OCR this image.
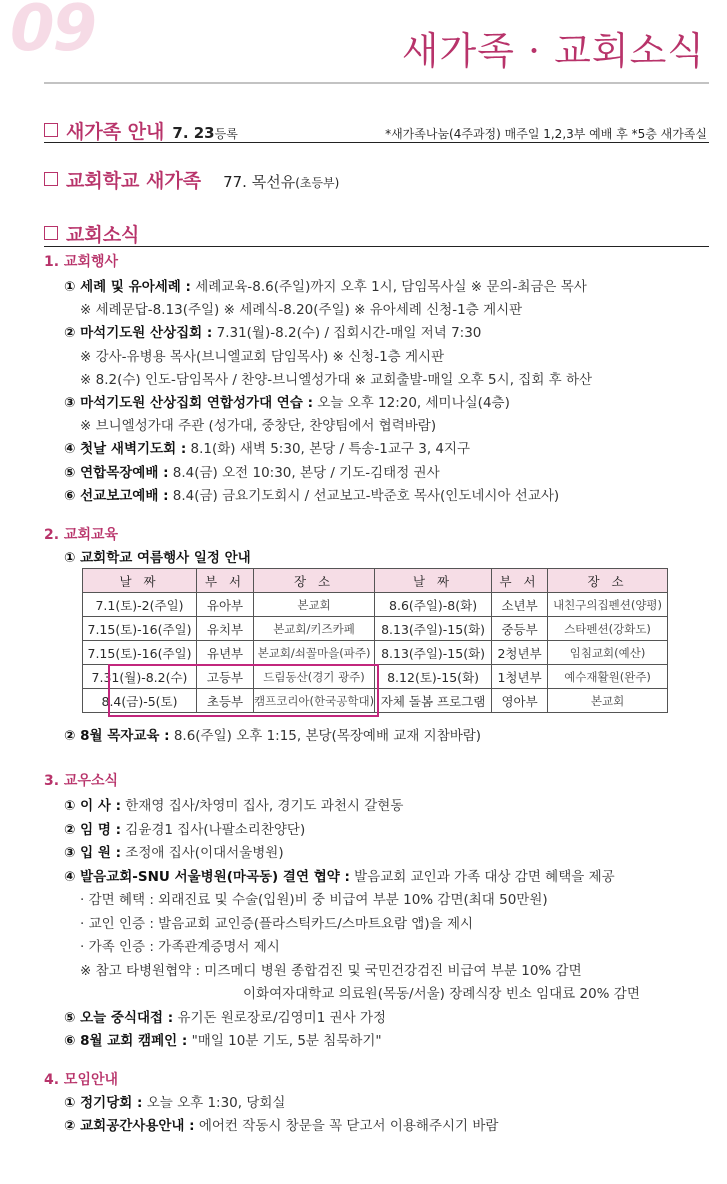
09	새가족 · 교회소식
새가족 안내 7. 23등록	*새가족나눔(4주과정) 매주일 1,2,3부 예배 후 *5층 새가족실
교회학교 새가족 77. 목선유(초등부)
교회소식
1. 교회행사
① 세례 및 유아세례 : 세례교육-8.6(주일)까지 오후 1시, 담임목사실 ※ 문의-최금은 목사
※ 세례문답-8.13(주일) ※ 세례식-8.20(주일) ※ 유아세례 신청-1층 게시판
② 마석기도원 산상집회 : 7.31(월)-8.2(수) / 집회시간-매일 저녁 7:30
※ 강사-유병용 목사(브니엘교회 담임목사) ※ 신청-1층 게시판
※ 8.2(수) 인도-담임목사 / 찬양-브니엘성가대 ※ 교회출발-매일 오후 5시, 집회 후 하산
③ 마석기도원 산상집회 연합성가대 연습 : 오늘 오후 12:20, 세미나실(4층)
※ 브니엘성가대 주관 (성가대, 중창단, 찬양팀에서 협력바람)
④ 첫날 새벽기도회 : 8.1(화) 새벽 5:30, 본당 / 특송-1교구 3, 4지구
⑤ 연합목장예배 : 8.4(금) 오전 10:30, 본당 / 기도-김태정 권사
⑥ 선교보고예배 : 8.4(금) 금요기도회시 / 선교보고-박준호 목사(인도네시아 선교사)
2. 교회교육
① 교회학교 여름행사 일정 안내
날 짜	부 서	장 소	날 짜	부 서	장 소
7.1(토)-2(주일)	유아부	본교회	8.6(주일)-8(화)	소년부	내친구의집펜션(양평)
7.15(토)-16(주일)	유치부	본교회/키즈카페	8.13(주일)-15(화)	중등부	스타펜션(강화도)
7.15(토)-16(주일)	유년부	본교회/쇠꼴마을(파주)	8.13(주일)-15(화)	2청년부	임침교회(예산)
7.31(월)-8.2(수)	고등부	드림동산(경기 광주)	8.12(토)-15(화)	1청년부	예수재활원(완주)
8.4(금)-5(토)	초등부	캠프코리아(한국공학대)	자체 돌봄 프로그램	영아부	본교회
② 8월 목자교육 : 8.6(주일) 오후 1:15, 본당(목장예배 교재 지참바람)
3. 교우소식
① 이 사 : 한재영 집사/차영미 집사, 경기도 과천시 갈현동
② 임 명 : 김윤경1 집사(나팔소리찬양단)
③ 입 원 : 조정애 집사(이대서울병원)
④ 발음교회-SNU 서울병원(마곡동) 결연 협약 : 발음교회 교인과 가족 대상 감면 혜택을 제공
· 감면 혜택 : 외래진료 및 수술(입원)비 중 비급여 부분 10% 감면(최대 50만원)
· 교인 인증 : 발음교회 교인증(플라스틱카드/스마트요람 앱)을 제시
· 가족 인증 : 가족관계증명서 제시
※ 참고 타병원협약 : 미즈메디 병원 종합검진 및 국민건강검진 비급여 부분 10% 감면
이화여자대학교 의료원(목동/서울) 장례식장 빈소 임대료 20% 감면
⑤ 오늘 중식대접 : 유기돈 원로장로/김영미1 권사 가정
⑥ 8월 교회 캠페인 : "매일 10분 기도, 5분 침묵하기"
4. 모임안내
① 정기당회 : 오늘 오후 1:30, 당회실
② 교회공간사용안내 : 에어컨 작동시 창문을 꼭 닫고서 이용해주시기 바람
